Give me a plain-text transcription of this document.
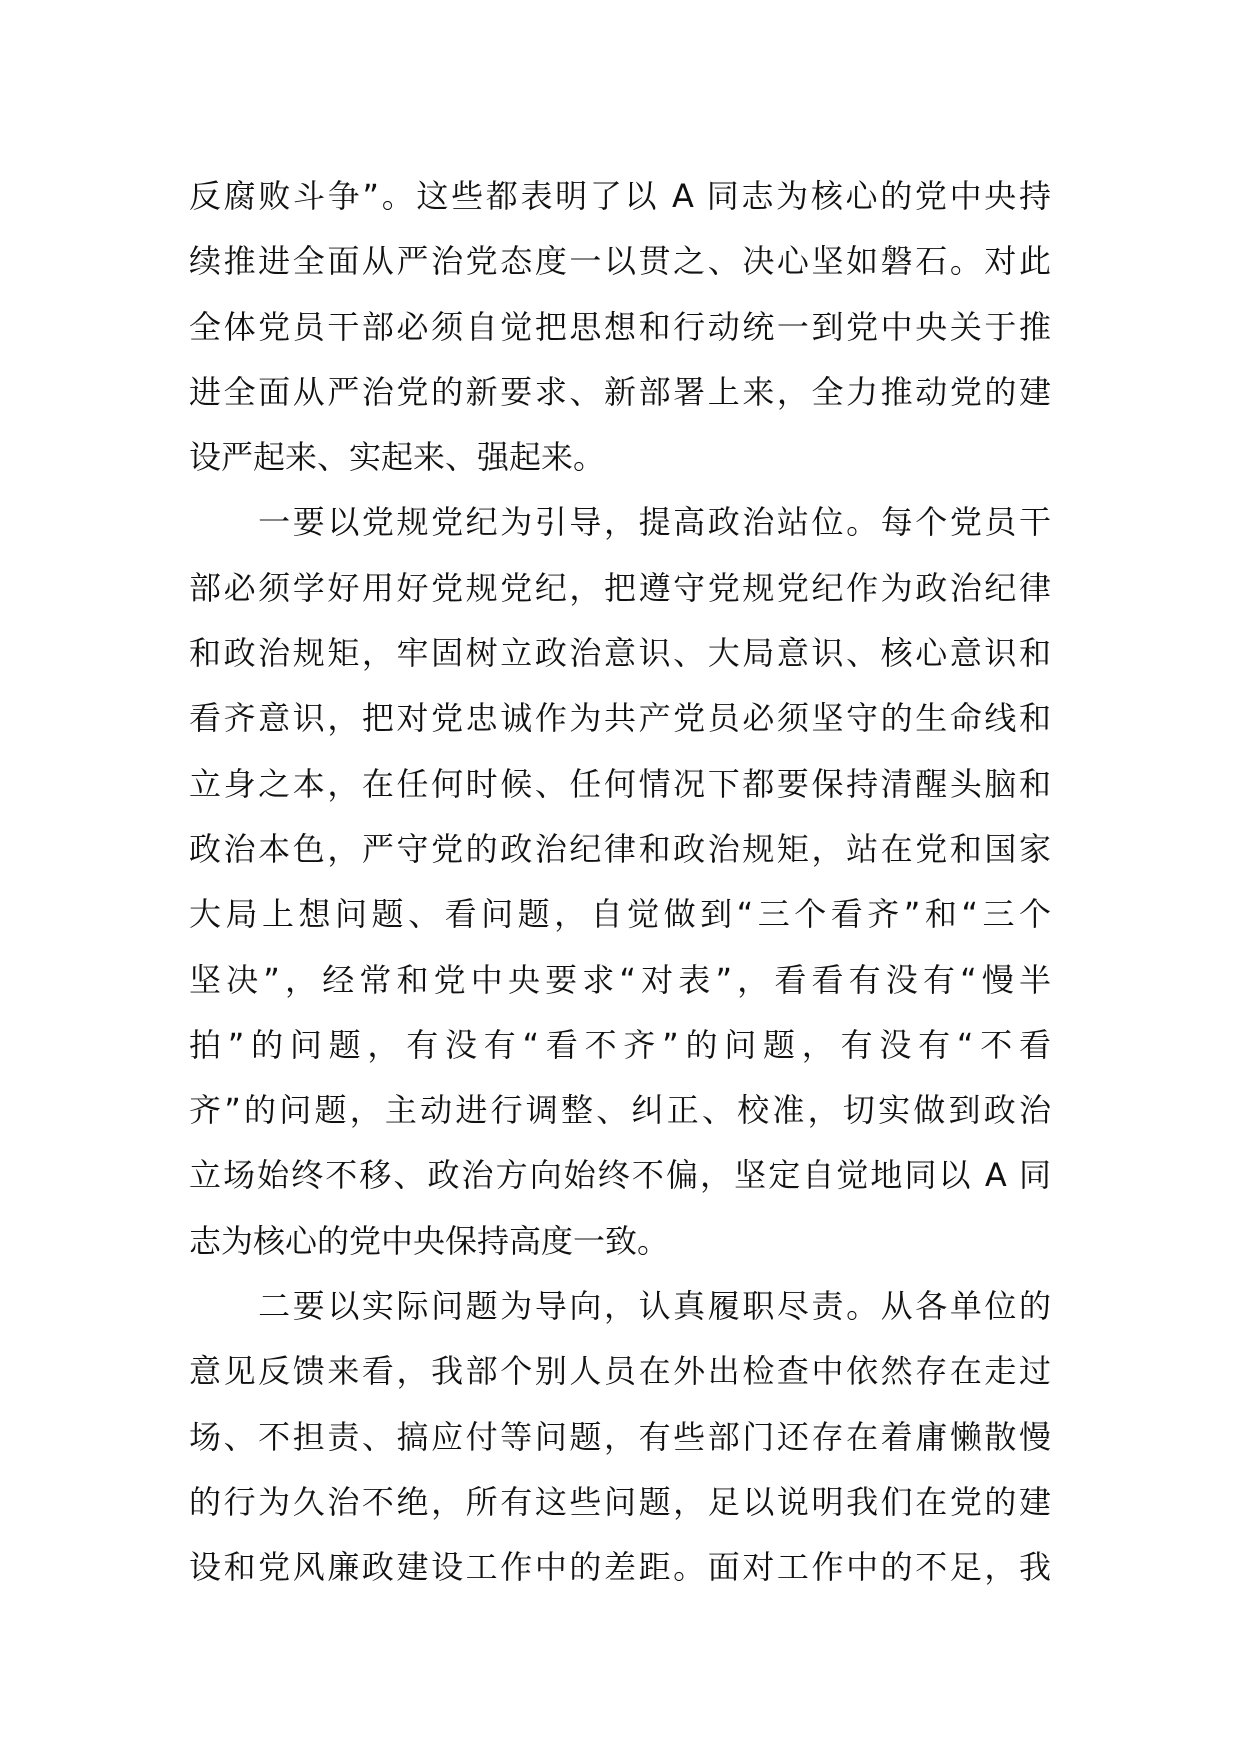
反腐败斗争”。这些都表明了以 A 同志为核心的党中央持
续推进全面从严治党态度一以贯之、决心坚如磐石。对此
全体党员干部必须自觉把思想和行动统一到党中央关于推
进全面从严治党的新要求、新部署上来，全力推动党的建
设严起来、实起来、强起来。
　　一要以党规党纪为引导，提高政治站位。每个党员干
部必须学好用好党规党纪，把遵守党规党纪作为政治纪律
和政治规矩，牢固树立政治意识、大局意识、核心意识和
看齐意识，把对党忠诚作为共产党员必须坚守的生命线和
立身之本，在任何时候、任何情况下都要保持清醒头脑和
政治本色，严守党的政治纪律和政治规矩，站在党和国家
大局上想问题、看问题，自觉做到“三个看齐”和“三个
坚决”，经常和党中央要求“对表”，看看有没有“慢半
拍”的问题，有没有“看不齐”的问题，有没有“不看
齐”的问题，主动进行调整、纠正、校准，切实做到政治
立场始终不移、政治方向始终不偏，坚定自觉地同以 A 同
志为核心的党中央保持高度一致。
　　二要以实际问题为导向，认真履职尽责。从各单位的
意见反馈来看，我部个别人员在外出检查中依然存在走过
场、不担责、搞应付等问题，有些部门还存在着庸懒散慢
的行为久治不绝，所有这些问题，足以说明我们在党的建
设和党风廉政建设工作中的差距。面对工作中的不足，我
